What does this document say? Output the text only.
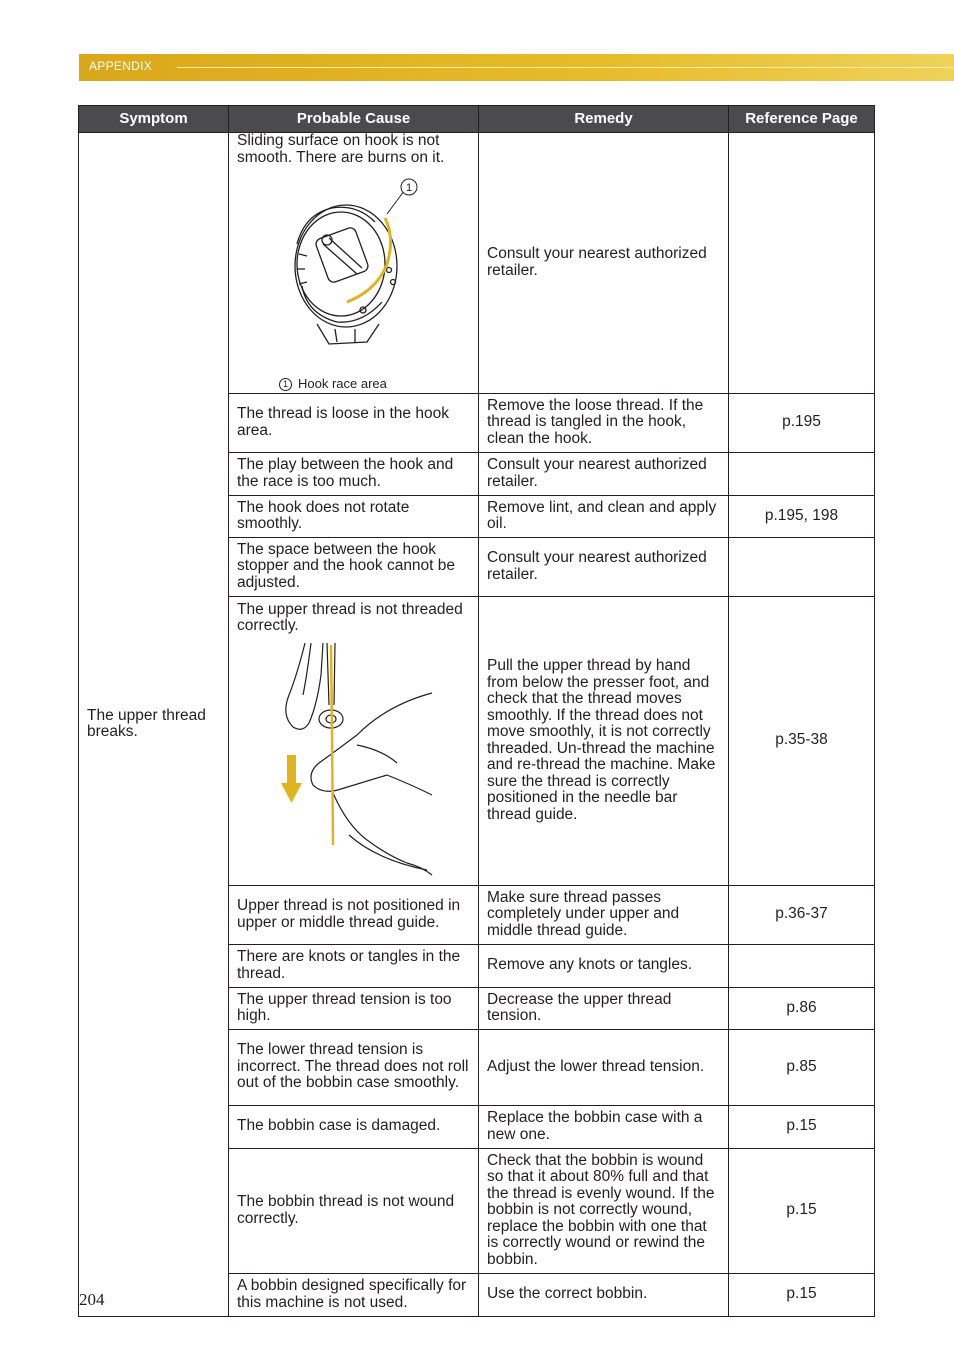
APPENDIX
Symptom	Probable Cause	Remedy	Reference Page
The upper thread breaks.	Sliding surface on hook is not smooth. There are burns on it.
1
1 Hook race area	Consult your nearest authorized retailer.	
	The thread is loose in the hook area.	Remove the loose thread. If the thread is tangled in the hook, clean the hook.	p.195
	The play between the hook and the race is too much.	Consult your nearest authorized retailer.	
	The hook does not rotate smoothly.	Remove lint, and clean and apply oil.	p.195, 198
	The space between the hook stopper and the hook cannot be adjusted.	Consult your nearest authorized retailer.	

	The upper thread is not threaded correctly.	Pull the upper thread by hand from below the presser foot, and check that the thread moves smoothly. If the thread does not move smoothly, it is not correctly threaded. Un-thread the machine and re-thread the machine. Make sure the thread is correctly positioned in the needle bar thread guide.	p.35-38
	Upper thread is not positioned in upper or middle thread guide.	Make sure thread passes completely under upper and middle thread guide.	p.36-37
	There are knots or tangles in the thread.	Remove any knots or tangles.	
	The upper thread tension is too high.	Decrease the upper thread tension.	p.86
	The lower thread tension is incorrect. The thread does not roll out of the bobbin case smoothly.	Adjust the lower thread tension.	p.85
	The bobbin case is damaged.	Replace the bobbin case with a new one.	p.15
	The bobbin thread is not wound correctly.	Check that the bobbin is wound so that it about 80% full and that the thread is evenly wound. If the bobbin is not correctly wound, replace the bobbin with one that is correctly wound or rewind the bobbin.	p.15
	A bobbin designed specifically for this machine is not used.	Use the correct bobbin.	p.15
204
